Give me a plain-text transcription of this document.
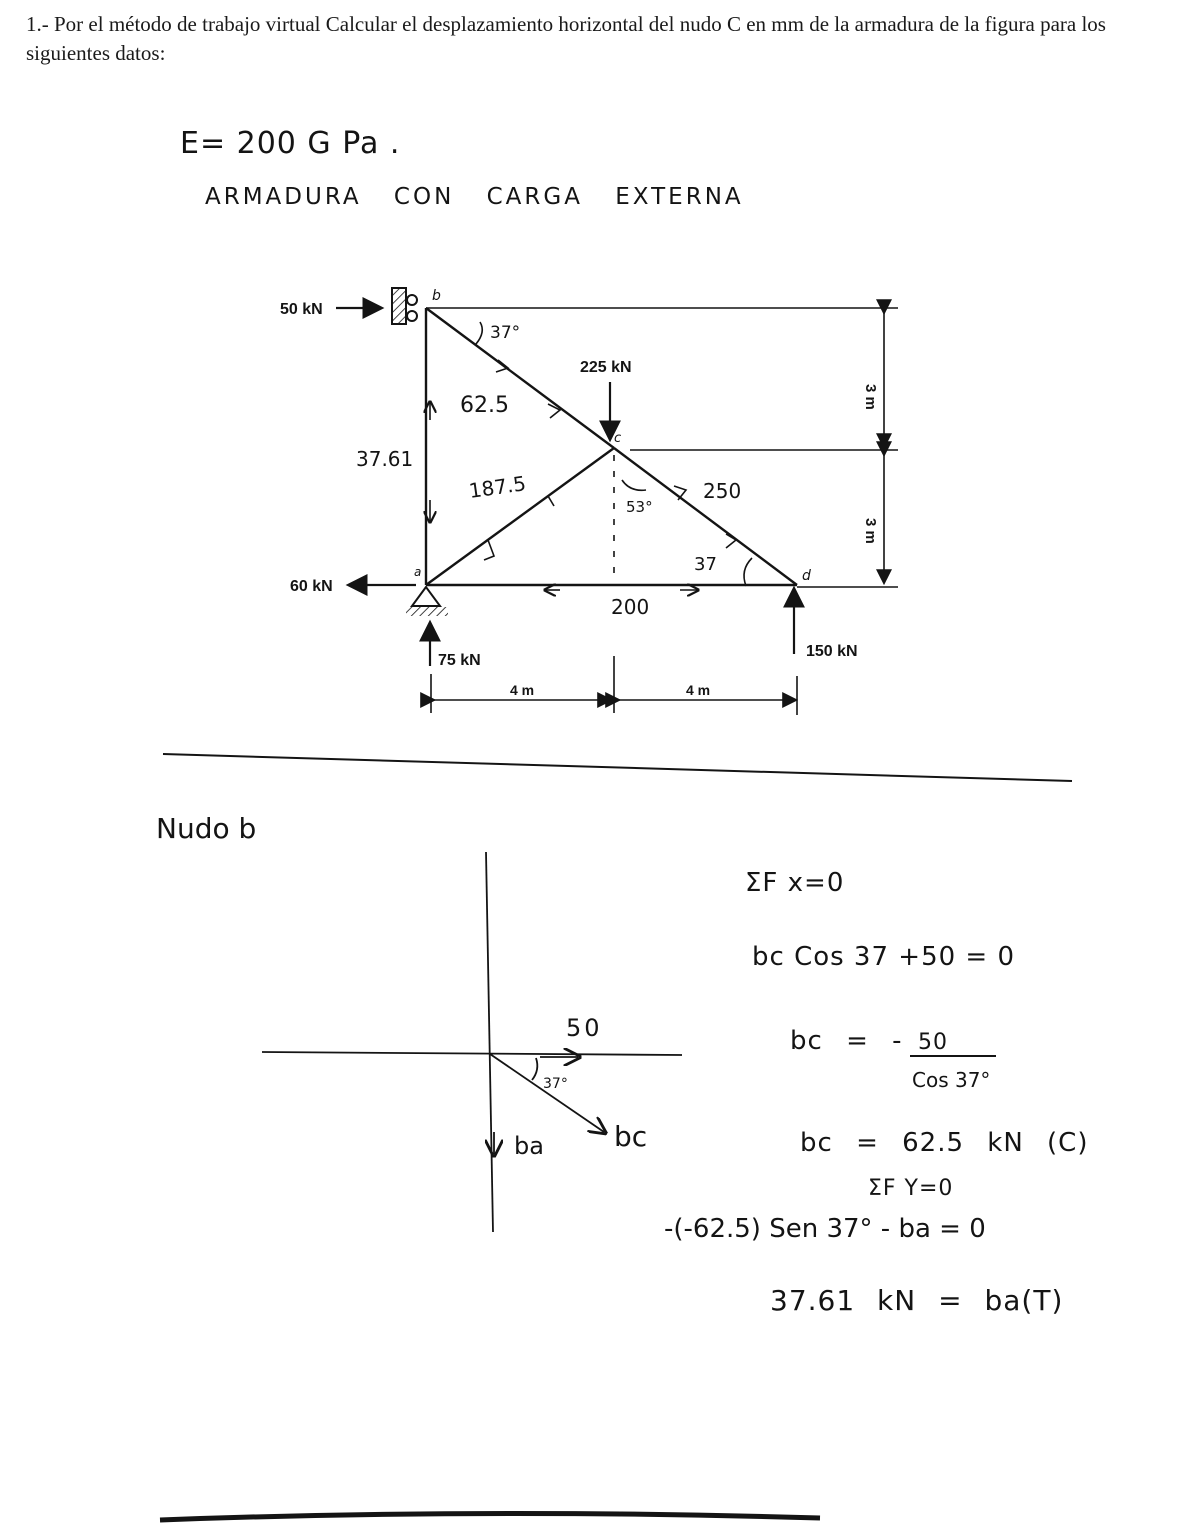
1.- Por el método de trabajo virtual Calcular el desplazamiento horizontal del nudo C en mm de la armadura de la figura para los siguientes datos:
E= 200 G Pa .
ARMADURA CON CARGA EXTERNA
b
c
a	d
50 kN
225 kN
60 kN
75 kN
150 kN
4 m	4 m
3 m
3 m
62.5
37.61
187.5	250
200
37°
53°
37
Nudo b
50
37°
ba	bc
ΣF x=0
bc Cos 37 +50 = 0
bc = - 50
Cos 37°
bc = 62.5 kN (C)
ΣF Y=0
-(-62.5) Sen 37° - ba = 0
37.61 kN = ba(T)
